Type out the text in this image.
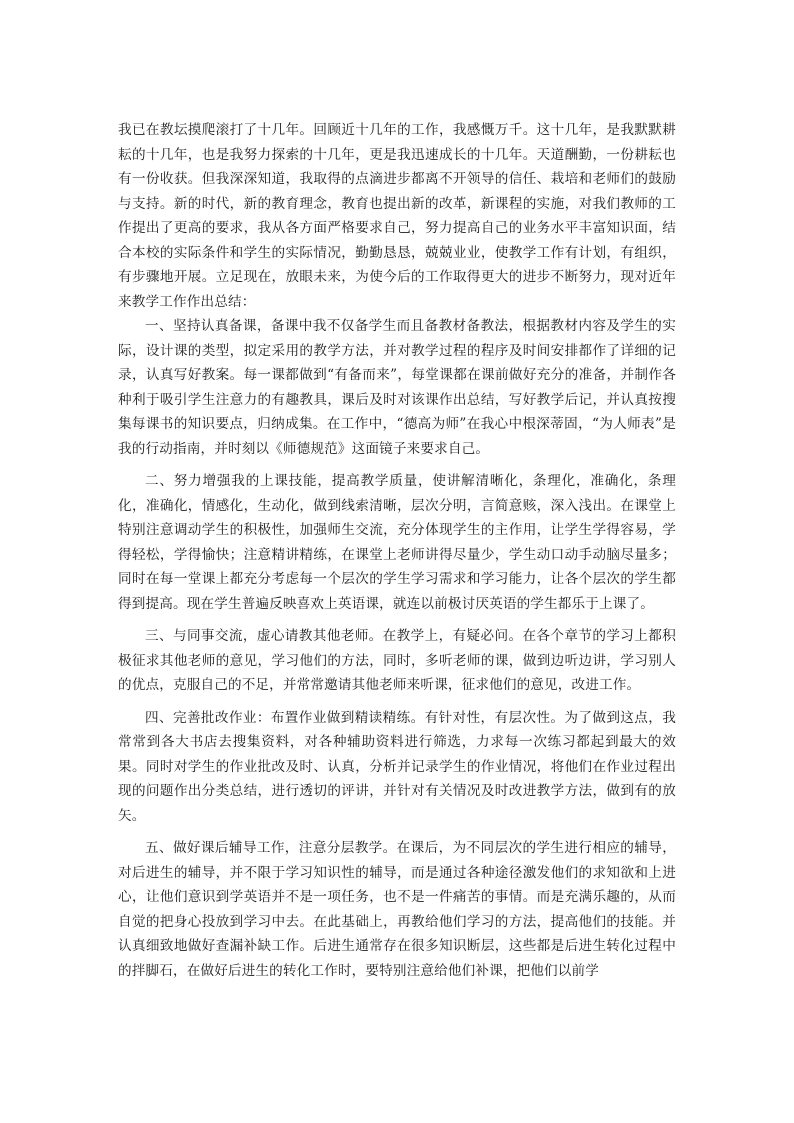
我已在教坛摸爬滚打了十几年。回顾近十几年的工作，我感慨万千。这十几年，是我默默耕耘的十几年，也是我努力探索的十几年，更是我迅速成长的十几年。天道酬勤，一份耕耘也有一份收获。但我深深知道，我取得的点滴进步都离不开领导的信任、栽培和老师们的鼓励与支持。新的时代，新的教育理念，教育也提出新的改革，新课程的实施，对我们教师的工作提出了更高的要求，我从各方面严格要求自己，努力提高自己的业务水平丰富知识面，结合本校的实际条件和学生的实际情况，勤勤恳恳，兢兢业业，使教学工作有计划，有组织，有步骤地开展。立足现在，放眼未来，为使今后的工作取得更大的进步不断努力，现对近年来教学工作作出总结：

一、坚持认真备课，备课中我不仅备学生而且备教材备教法，根据教材内容及学生的实际，设计课的类型，拟定采用的教学方法，并对教学过程的程序及时间安排都作了详细的记录，认真写好教案。每一课都做到“有备而来”，每堂课都在课前做好充分的准备，并制作各种利于吸引学生注意力的有趣教具，课后及时对该课作出总结，写好教学后记，并认真按搜集每课书的知识要点，归纳成集。在工作中，“德高为师”在我心中根深蒂固，“为人师表”是我的行动指南，并时刻以《师德规范》这面镜子来要求自己。

二、努力增强我的上课技能，提高教学质量，使讲解清晰化，条理化，准确化，条理化，准确化，情感化，生动化，做到线索清晰，层次分明，言简意赅，深入浅出。在课堂上特别注意调动学生的积极性，加强师生交流，充分体现学生的主作用，让学生学得容易，学得轻松，学得愉快；注意精讲精练，在课堂上老师讲得尽量少，学生动口动手动脑尽量多；同时在每一堂课上都充分考虑每一个层次的学生学习需求和学习能力，让各个层次的学生都得到提高。现在学生普遍反映喜欢上英语课，就连以前极讨厌英语的学生都乐于上课了。

三、与同事交流，虚心请教其他老师。在教学上，有疑必问。在各个章节的学习上都积极征求其他老师的意见，学习他们的方法，同时，多听老师的课，做到边听边讲，学习别人的优点，克服自己的不足，并常常邀请其他老师来听课，征求他们的意见，改进工作。

四、完善批改作业：布置作业做到精读精练。有针对性，有层次性。为了做到这点，我常常到各大书店去搜集资料，对各种辅助资料进行筛选，力求每一次练习都起到最大的效果。同时对学生的作业批改及时、认真，分析并记录学生的作业情况，将他们在作业过程出现的问题作出分类总结，进行透切的评讲，并针对有关情况及时改进教学方法，做到有的放矢。

五、做好课后辅导工作，注意分层教学。在课后，为不同层次的学生进行相应的辅导，对后进生的辅导，并不限于学习知识性的辅导，而是通过各种途径激发他们的求知欲和上进心，让他们意识到学英语并不是一项任务，也不是一件痛苦的事情。而是充满乐趣的，从而自觉的把身心投放到学习中去。在此基础上，再教给他们学习的方法，提高他们的技能。并认真细致地做好查漏补缺工作。后进生通常存在很多知识断层，这些都是后进生转化过程中的拌脚石，在做好后进生的转化工作时，要特别注意给他们补课，把他们以前学
